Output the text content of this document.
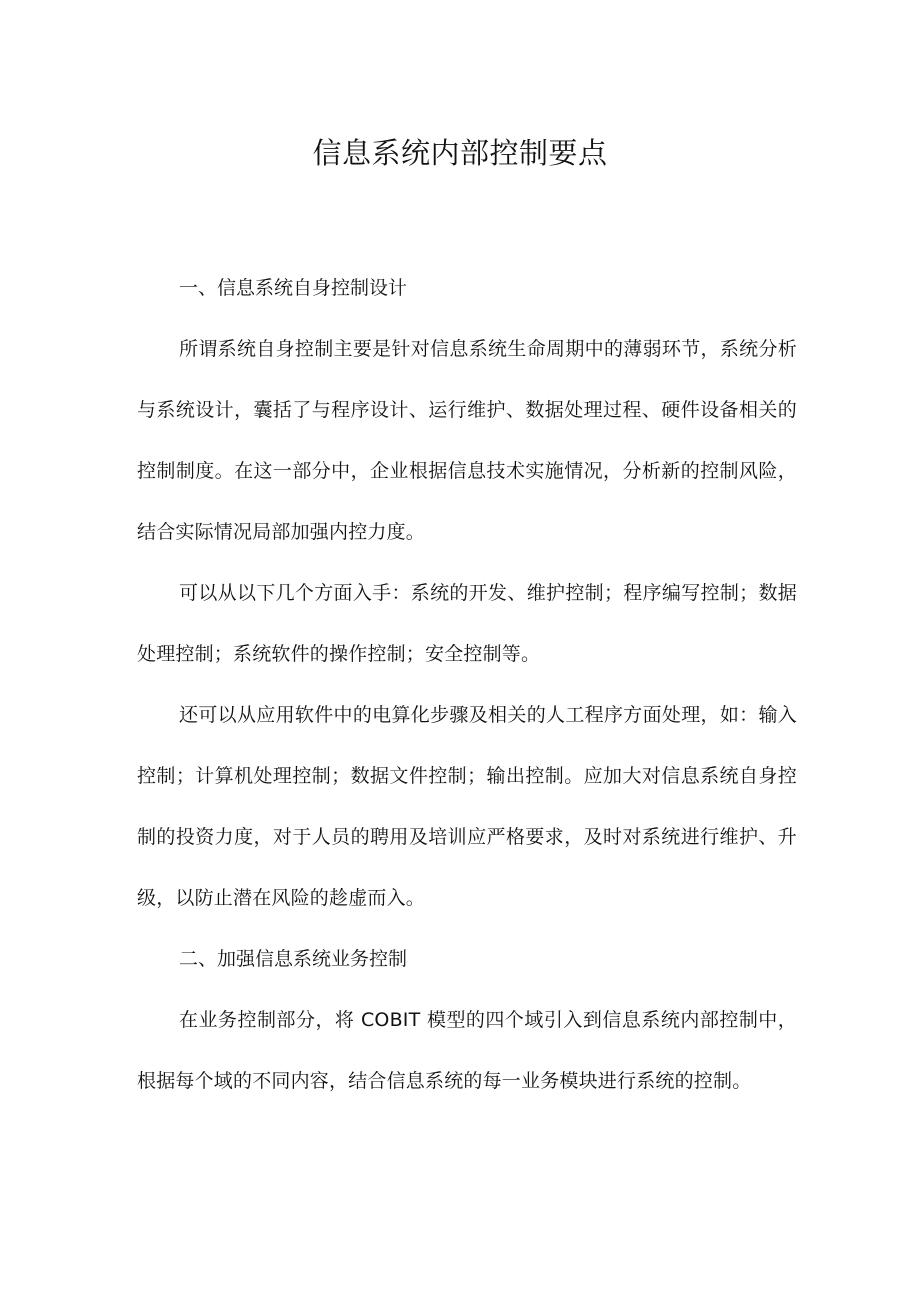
信息系统内部控制要点
一、信息系统自身控制设计

所谓系统自身控制主要是针对信息系统生命周期中的薄弱环节，系统分析与系统设计，囊括了与程序设计、运行维护、数据处理过程、硬件设备相关的控制制度。在这一部分中，企业根据信息技术实施情况，分析新的控制风险，结合实际情况局部加强内控力度。

可以从以下几个方面入手：系统的开发、维护控制；程序编写控制；数据处理控制；系统软件的操作控制；安全控制等。

还可以从应用软件中的电算化步骤及相关的人工程序方面处理，如：输入控制；计算机处理控制；数据文件控制；输出控制。应加大对信息系统自身控制的投资力度，对于人员的聘用及培训应严格要求，及时对系统进行维护、升级，以防止潜在风险的趁虚而入。

二、加强信息系统业务控制

在业务控制部分，将 COBIT 模型的四个域引入到信息系统内部控制中，根据每个域的不同内容，结合信息系统的每一业务模块进行系统的控制。
